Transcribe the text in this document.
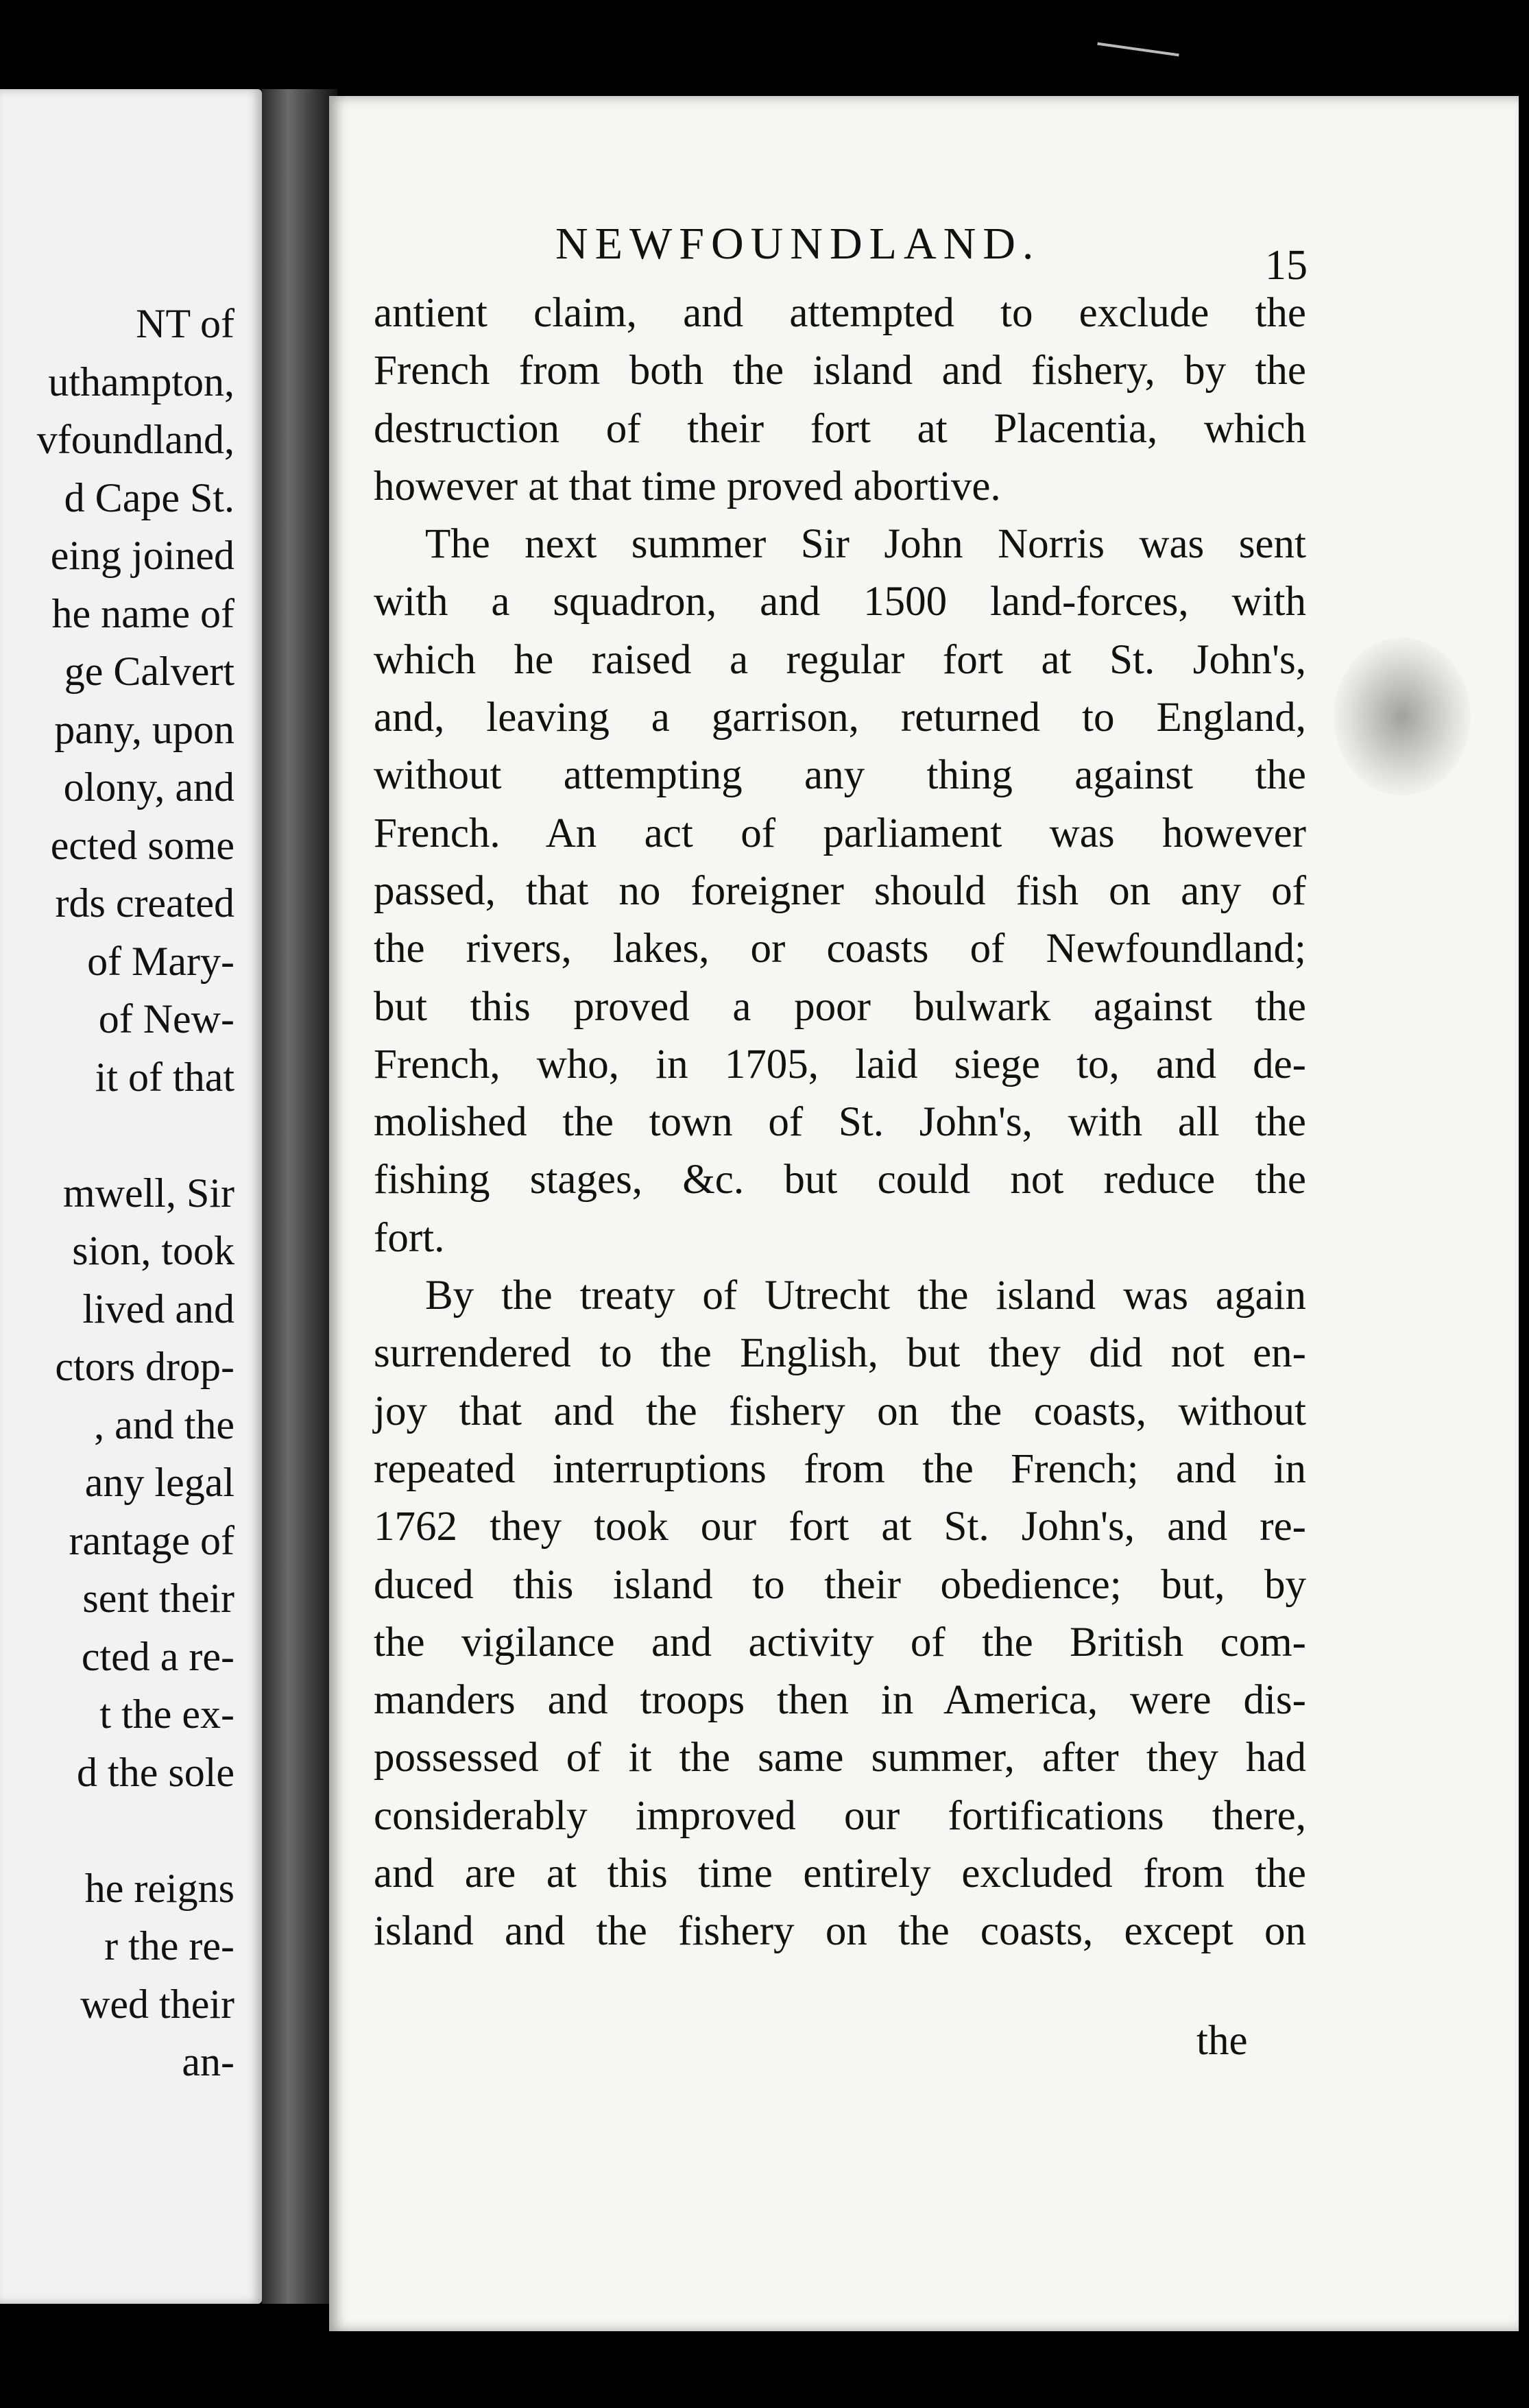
NT of
uthampton,
vfoundland,
d Cape St.
eing joined
he name of
ge Calvert
pany, upon
olony, and
ected some
rds created
of Mary-
of New-
it of that
mwell, Sir
sion, took
lived and
ctors drop-
, and the
any legal
rantage of
sent their
cted a re-
t the ex-
d the sole
he reigns
r the re-
wed their
an-
NEWFOUNDLAND.	15
antient claim, and attempted to exclude the
French from both the island and fishery, by the
destruction of their fort at Placentia, which
however at that time proved abortive.
The next summer Sir John Norris was sent
with a squadron, and 1500 land-forces, with
which he raised a regular fort at St. John's,
and, leaving a garrison, returned to England,
without attempting any thing against the
French. An act of parliament was however
passed, that no foreigner should fish on any of
the rivers, lakes, or coasts of Newfoundland;
but this proved a poor bulwark against the
French, who, in 1705, laid siege to, and de-
molished the town of St. John's, with all the
fishing stages, &c. but could not reduce the
fort.
By the treaty of Utrecht the island was again
surrendered to the English, but they did not en-
joy that and the fishery on the coasts, without
repeated interruptions from the French; and in
1762 they took our fort at St. John's, and re-
duced this island to their obedience; but, by
the vigilance and activity of the British com-
manders and troops then in America, were dis-
possessed of it the same summer, after they had
considerably improved our fortifications there,
and are at this time entirely excluded from the
island and the fishery on the coasts, except on
the
